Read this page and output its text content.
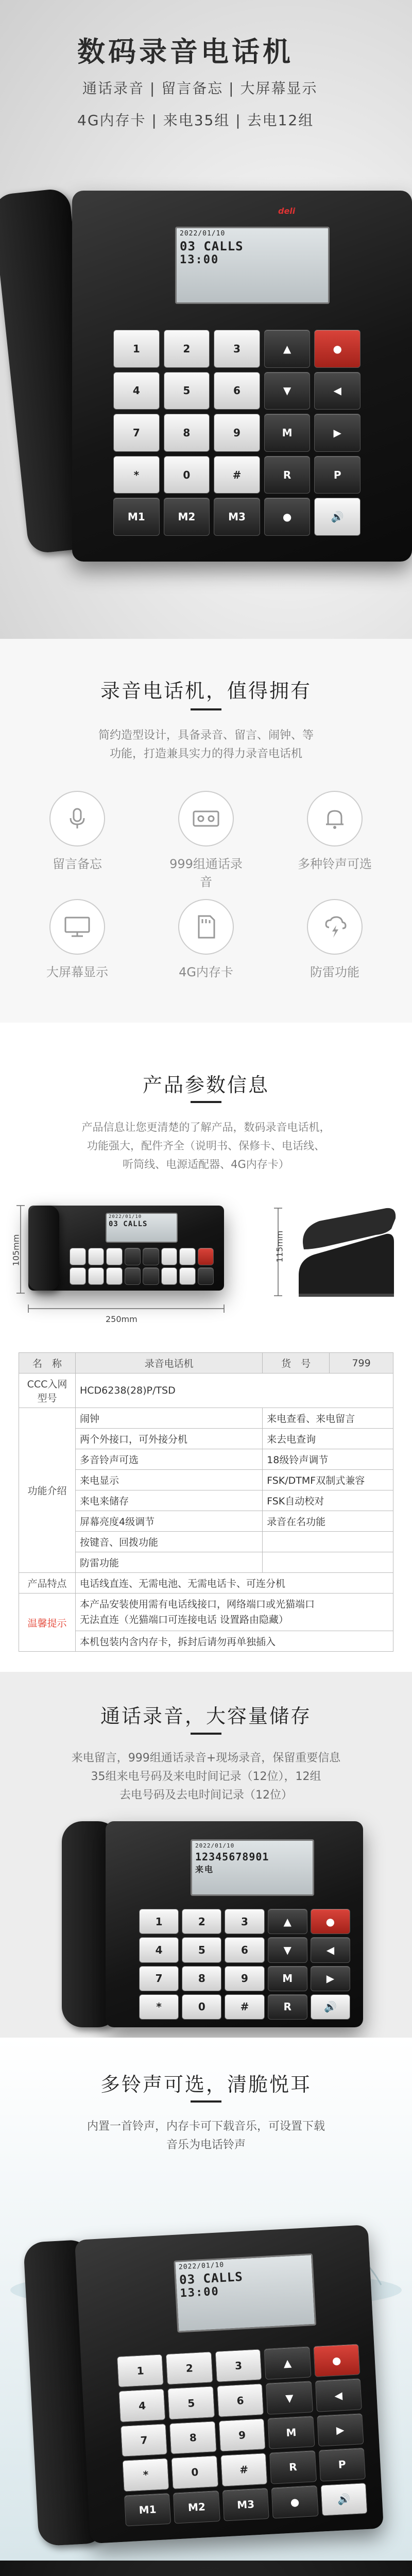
数码录音电话机
通话录音 | 留言备忘 | 大屏幕显示
4G内存卡 | 来电35组 | 去电12组
deli
2022/01/10
03 CALLS
13:00
1	2	3	▲	●
4	5	6	▼	◀
7	8	9	M	▶
*	0	#	R	P
M1	M2	M3	●	🔊
录音电话机，值得拥有
简约造型设计，具备录音、留言、闹钟、等
功能，打造兼具实力的得力录音电话机
留言备忘	999组通话录音
多种铃声可选
大屏幕显示	4G内存卡	防雷功能
产品参数信息
产品信息让您更清楚的了解产品，数码录音电话机，
功能强大，配件齐全（说明书、保修卡、电话线、
听筒线、电源适配器、4G内存卡）
2022/01/10
03 CALLS
105mm
250mm
115mm
名　称	录音电话机	货　号	799
CCC入网型号	HCD6238(28)P/TSD		
功能介绍	闹钟	来电查看、来电留言	
	两个外接口，可外接分机	来去电查询	
	多音铃声可选	18级铃声调节	
	来电显示	FSK/DTMF双制式兼容	
	来电来储存	FSK自动校对	
	屏幕亮度4级调节	录音在名功能	
	按键音、回拨功能		
	防雷功能		
产品特点	电话线直连、无需电池、无需电话卡、可连分机		
温馨提示	本产品安装使用需有电话线接口，网络端口或光猫端口
无法直连（光猫端口可连接电话 设置路由隐藏）		

	本机包装内含内存卡，拆封后请勿再单独插入		
通话录音，大容量储存
来电留言，999组通话录音+现场录音，保留重要信息
35组来电号码及来电时间记录（12位），12组
去电号码及去电时间记录（12位）
2022/01/10
12345678901
来电
1	2	3	▲	●
4	5	6	▼	◀
7	8	9	M	▶
*	0	#	R	🔊
多铃声可选，清脆悦耳
内置一首铃声，内存卡可下载音乐，可设置下载
音乐为电话铃声
2022/01/10
03 CALLS
13:00
1	2	3	▲	●
4	5	6	▼	◀
7	8	9	M	▶
*	0	#	R	P
M1	M2	M3	●	🔊
